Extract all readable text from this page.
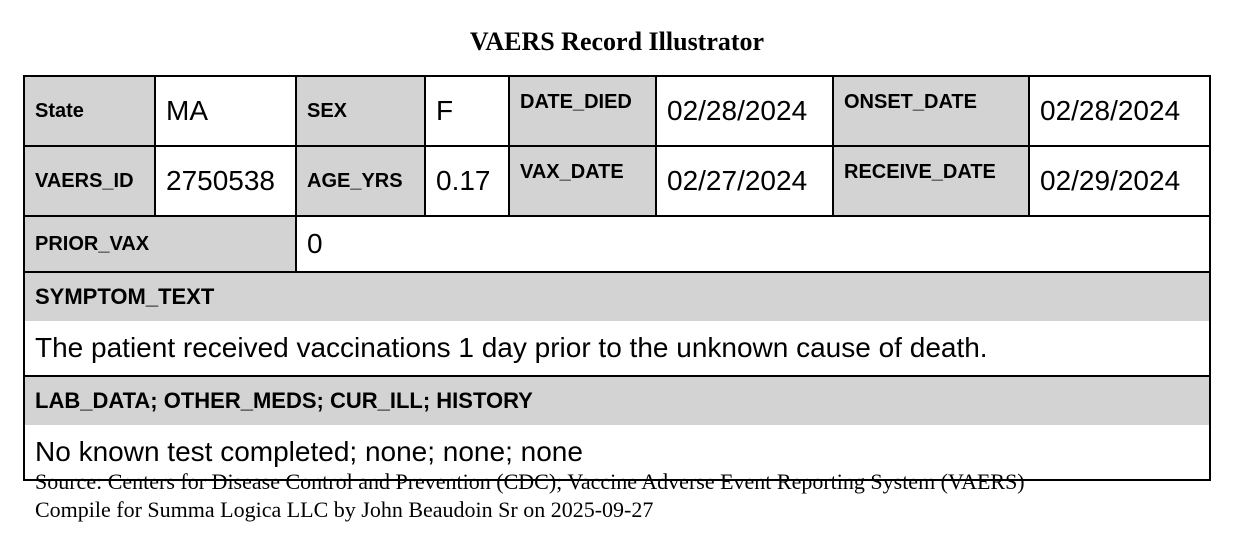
VAERS Record Illustrator
State	MA	SEX	F	DATE_DIED	02/28/2024	ONSET_DATE	02/28/2024
VAERS_ID	2750538	AGE_YRS	0.17	VAX_DATE	02/27/2024	RECEIVE_DATE	02/29/2024
PRIOR_VAX		0					
SYMPTOM_TEXT							
The patient received vaccinations 1 day prior to the unknown cause of death.							
LAB_DATA; OTHER_MEDS; CUR_ILL; HISTORY							
No known test completed; none; none; none							
Source: Centers for Disease Control and Prevention (CDC); Vaccine Adverse Event Reporting System (VAERS)
Compile for Summa Logica LLC by John Beaudoin Sr on 2025-09-27
